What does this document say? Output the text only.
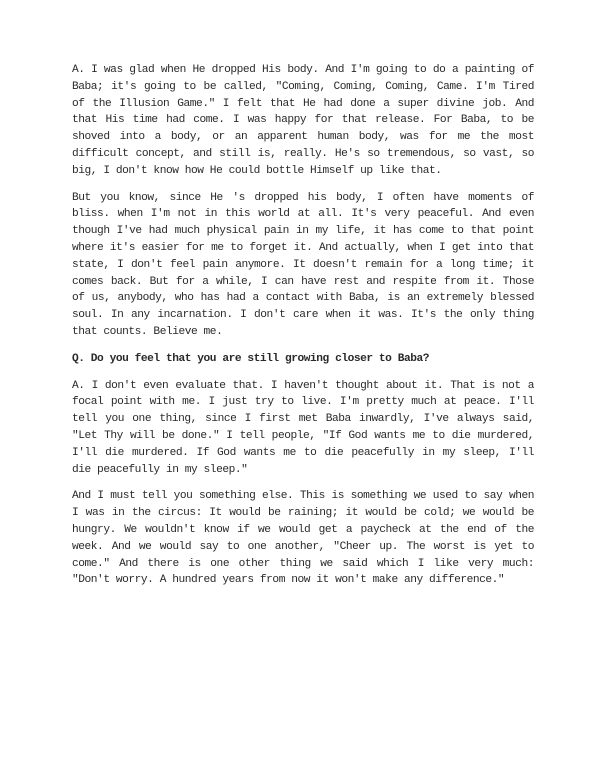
A. I was glad when He dropped His body. And I'm going to do a painting of Baba; it's going to be called, "Coming, Coming, Coming, Came. I'm Tired of the Illusion Game." I felt that He had done a super divine job. And that His time had come. I was happy for that release. For Baba, to be shoved into a body, or an apparent human body, was for me the most difficult concept, and still is, really. He's so tremendous, so vast, so big, I don't know how He could bottle Himself up like that.

But you know, since He 's dropped his body, I often have moments of bliss. when I'm not in this world at all. It's very peaceful. And even though I've had much physical pain in my life, it has come to that point where it's easier for me to forget it. And actually, when I get into that state, I don't feel pain anymore. It doesn't remain for a long time; it comes back. But for a while, I can have rest and respite from it. Those of us, anybody, who has had a contact with Baba, is an extremely blessed soul. In any incarnation. I don't care when it was. It's the only thing that counts. Believe me.

Q. Do you feel that you are still growing closer to Baba?

A. I don't even evaluate that. I haven't thought about it. That is not a focal point with me. I just try to live. I'm pretty much at peace. I'll tell you one thing, since I first met Baba inwardly, I've always said, "Let Thy will be done." I tell people, "If God wants me to die murdered, I'll die murdered. If God wants me to die peacefully in my sleep, I'll die peacefully in my sleep."

And I must tell you something else. This is something we used to say when I was in the circus: It would be raining; it would be cold; we would be hungry. We wouldn't know if we would get a paycheck at the end of the week. And we would say to one another, "Cheer up. The worst is yet to come." And there is one other thing we said which I like very much: "Don't worry. A hundred years from now it won't make any difference."
